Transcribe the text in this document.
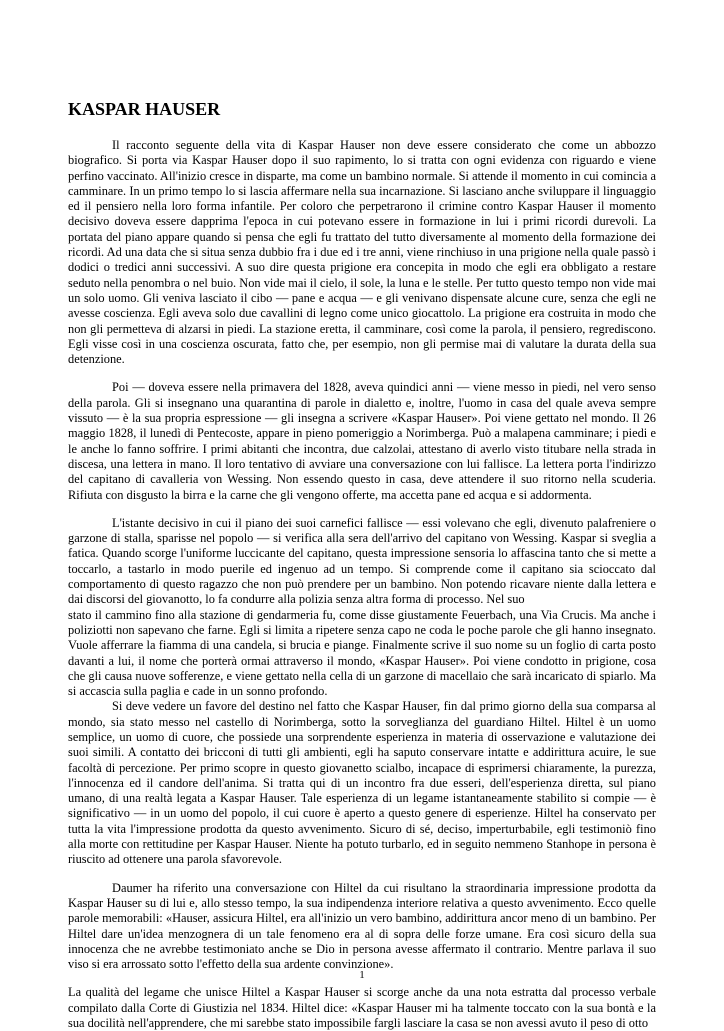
KASPAR HAUSER

Il racconto seguente della vita di Kaspar Hauser non deve essere considerato che come un abbozzo biografico. Si porta via Kaspar Hauser dopo il suo rapimento, lo si tratta con ogni evidenza con riguardo e viene perfino vaccinato. All'inizio cresce in disparte, ma come un bambino normale. Si attende il momento in cui comincia a camminare. In un primo tempo lo si lascia affermare nella sua incarnazione. Si lasciano anche sviluppare il linguaggio ed il pensiero nella loro forma infantile. Per coloro che perpetrarono il crimine contro Kaspar Hauser il momento decisivo doveva essere dapprima l'epoca in cui potevano essere in formazione in lui i primi ricordi durevoli. La portata del piano appare quando si pensa che egli fu trattato del tutto diversamente al momento della formazione dei ricordi. Ad una data che si situa senza dubbio fra i due ed i tre anni, viene rinchiuso in una prigione nella quale passò i dodici o tredici anni successivi. A suo dire questa prigione era concepita in modo che egli era obbligato a restare seduto nella penombra o nel buio. Non vide mai il cielo, il sole, la luna e le stelle. Per tutto questo tempo non vide mai un solo uomo. Gli veniva lasciato il cibo — pane e acqua — e gli venivano dispensate alcune cure, senza che egli ne avesse coscienza. Egli aveva solo due cavallini di legno come unico giocattolo. La prigione era costruita in modo che non gli permetteva di alzarsi in piedi. La stazione eretta, il camminare, così come la parola, il pensiero, regrediscono. Egli visse così in una coscienza oscurata, fatto che, per esempio, non gli permise mai di valutare la durata della sua detenzione.

Poi — doveva essere nella primavera del 1828, aveva quindici anni — viene messo in piedi, nel vero senso della parola. Gli si insegnano una quarantina di parole in dialetto e, inoltre, l'uomo in casa del quale aveva sempre vissuto — è la sua propria espressione — gli insegna a scrivere «Kaspar Hauser». Poi viene gettato nel mondo. Il 26 maggio 1828, il lunedì di Pentecoste, appare in pieno pomeriggio a Norimberga. Può a malapena camminare; i piedi e le anche lo fanno soffrire. I primi abitanti che incontra, due calzolai, attestano di averlo visto titubare nella strada in discesa, una lettera in mano. Il loro tentativo di avviare una conversazione con lui fallisce. La lettera porta l'indirizzo del capitano di cavalleria von Wessing. Non essendo questo in casa, deve attendere il suo ritorno nella scuderia. Rifiuta con disgusto la birra e la carne che gli vengono offerte, ma accetta pane ed acqua e si addormenta.

L'istante decisivo in cui il piano dei suoi carnefici fallisce — essi volevano che egli, divenuto palafreniere o garzone di stalla, sparisse nel popolo — si verifica alla sera dell'arrivo del capitano von Wessing. Kaspar si sveglia a fatica. Quando scorge l'uniforme luccicante del capitano, questa impressione sensoria lo affascina tanto che si mette a toccarlo, a tastarlo in modo puerile ed ingenuo ad un tempo. Si comprende come il capitano sia scioccato dal comportamento di questo ragazzo che non può prendere per un bambino. Non potendo ricavare niente dalla lettera e dai discorsi del giovanotto, lo fa condurre alla polizia senza altra forma di processo. Nel suo

stato il cammino fino alla stazione di gendarmeria fu, come disse giustamente Feuerbach, una Via Crucis. Ma anche i poliziotti non sapevano che farne. Egli si limita a ripetere senza capo ne coda le poche parole che gli hanno insegnato. Vuole afferrare la fiamma di una candela, si brucia e piange. Finalmente scrive il suo nome su un foglio di carta posto davanti a lui, il nome che porterà ormai attraverso il mondo, «Kaspar Hauser». Poi viene condotto in prigione, cosa che gli causa nuove sofferenze, e viene gettato nella cella di un garzone di macellaio che sarà incaricato di spiarlo. Ma si accascia sulla paglia e cade in un sonno profondo.

Si deve vedere un favore del destino nel fatto che Kaspar Hauser, fin dal primo giorno della sua comparsa al mondo, sia stato messo nel castello di Norimberga, sotto la sorveglianza del guardiano Hiltel. Hiltel è un uomo semplice, un uomo di cuore, che possiede una sorprendente esperienza in materia di osservazione e valutazione dei suoi simili. A contatto dei bricconi di tutti gli ambienti, egli ha saputo conservare intatte e addirittura acuire, le sue facoltà di percezione. Per primo scopre in questo giovanetto scialbo, incapace di esprimersi chiaramente, la purezza, l'innocenza ed il candore dell'anima. Si tratta qui di un incontro fra due esseri, dell'esperienza diretta, sul piano umano, di una realtà legata a Kaspar Hauser. Tale esperienza di un legame istantaneamente stabilito si compie — è significativo — in un uomo del popolo, il cui cuore è aperto a questo genere di esperienze. Hiltel ha conservato per tutta la vita l'impressione prodotta da questo avvenimento. Sicuro di sé, deciso, imperturbabile, egli testimoniò fino alla morte con rettitudine per Kaspar Hauser. Niente ha potuto turbarlo, ed in seguito nemmeno Stanhope in persona è riuscito ad ottenere una parola sfavorevole.

Daumer ha riferito una conversazione con Hiltel da cui risultano la straordinaria impressione prodotta da Kaspar Hauser su di lui e, allo stesso tempo, la sua indipendenza interiore relativa a questo avvenimento. Ecco quelle parole memorabili: «Hauser, assicura Hiltel, era all'inizio un vero bambino, addirittura ancor meno di un bambino. Per Hiltel dare un'idea menzognera di un tale fenomeno era al di sopra delle forze umane. Era così sicuro della sua innocenza che ne avrebbe testimoniato anche se Dio in persona avesse affermato il contrario. Mentre parlava il suo viso si era arrossato sotto l'effetto della sua ardente convinzione».

La qualità del legame che unisce Hiltel a Kaspar Hauser si scorge anche da una nota estratta dal processo verbale compilato dalla Corte di Giustizia nel 1834. Hiltel dice: «Kaspar Hauser mi ha talmente toccato con la sua bontà e la sua docilità nell'apprendere, che mi sarebbe stato impossibile fargli lasciare la casa se non avessi avuto il peso di otto

1
